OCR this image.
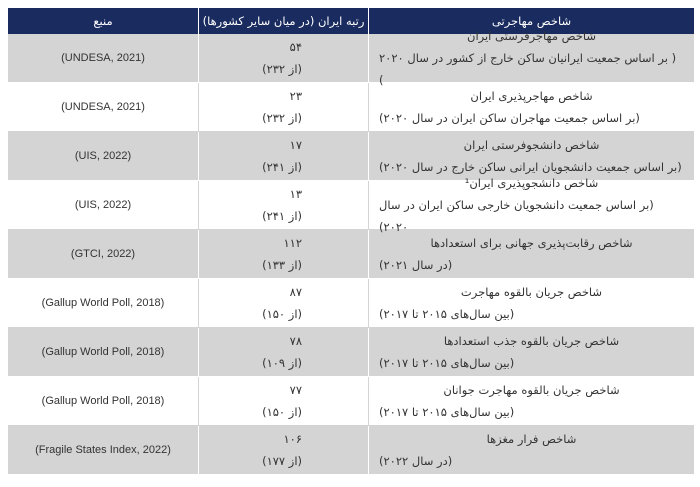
شاخص مهاجرتی
رتبه ایران (در میان سایر کشورها)
منبع
شاخص مهاجرفرستی ایران
( بر اساس جمعیت ایرانیان ساکن خارج از کشور در سال ۲۰۲۰ )
۵۴
(از ۲۳۲)
(UNDESA, 2021)
شاخص مهاجرپذیری ایران
(بر اساس جمعیت مهاجران ساکن ایران در سال ۲۰۲۰)
۲۳
(از ۲۳۲)
(UNDESA, 2021)
شاخص دانشجوفرستی ایران
(بر اساس جمعیت دانشجویان ایرانی ساکن خارج در سال ۲۰۲۰)
۱۷
(از ۲۴۱)
(UIS, 2022)
شاخص دانشجوپذیری ایران¹
(بر اساس جمعیت دانشجویان خارجی ساکن ایران در سال ۲۰۲۰)
۱۳
(از ۲۴۱)
(UIS, 2022)
شاخص رقابت‌پذیری جهانی برای استعدادها
(در سال ۲۰۲۱)
۱۱۲
(از ۱۳۳)
(GTCI, 2022)
شاخص جریان بالقوه مهاجرت
(بین سال‌های ۲۰۱۵ تا ۲۰۱۷)
۸۷
(از ۱۵۰)
(Gallup World Poll, 2018)
شاخص جریان بالقوه جذب استعدادها
(بین سال‌های ۲۰۱۵ تا ۲۰۱۷)
۷۸
(از ۱۰۹)
(Gallup World Poll, 2018)
شاخص جریان بالقوه مهاجرت جوانان
(بین سال‌های ۲۰۱۵ تا ۲۰۱۷)
۷۷
(از ۱۵۰)
(Gallup World Poll, 2018)
شاخص فرار مغزها
(در سال ۲۰۲۲)
۱۰۶
(از ۱۷۷)
(Fragile States Index, 2022)
